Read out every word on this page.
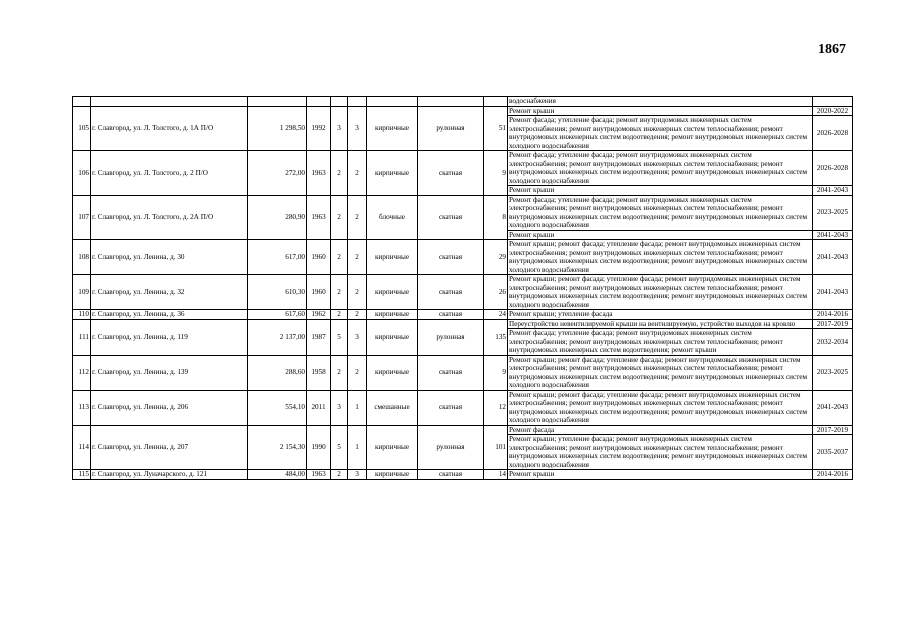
1867
									водоснабжения	
105	г. Славгород, ул. Л. Толстого, д. 1А П/О	1 298,50	1992	3	3	кирпичные	рулонная	51	Ремонт крыши	2020-2022
									Ремонт фасада; утепление фасада; ремонт внутридомовых инженерных систем электроснабжения; ремонт внутридомовых инженерных систем теплоснабжения; ремонт внутридомовых инженерных систем водоотведения; ремонт внутридомовых инженерных систем холодного водоснабжения	2026-2028
106	г. Славгород, ул. Л. Толстого, д. 2 П/О	272,00	1963	2	2	кирпичные	скатная	9	Ремонт фасада; утепление фасада; ремонт внутридомовых инженерных систем электроснабжения; ремонт внутридомовых инженерных систем теплоснабжения; ремонт внутридомовых инженерных систем водоотведения; ремонт внутридомовых инженерных систем холодного водоснабжения	2026-2028
									Ремонт крыши	2041-2043
107	г. Славгород, ул. Л. Толстого, д. 2А П/О	280,90	1963	2	2	блочные	скатная	8	Ремонт фасада; утепление фасада; ремонт внутридомовых инженерных систем электроснабжения; ремонт внутридомовых инженерных систем теплоснабжения; ремонт внутридомовых инженерных систем водоотведения; ремонт внутридомовых инженерных систем холодного водоснабжения	2023-2025
									Ремонт крыши	2041-2043
108	г. Славгород, ул. Ленина, д. 30	617,00	1960	2	2	кирпичные	скатная	29	Ремонт крыши; ремонт фасада; утепление фасада; ремонт внутридомовых инженерных систем электроснабжения; ремонт внутридомовых инженерных систем теплоснабжения; ремонт внутридомовых инженерных систем водоотведения; ремонт внутридомовых инженерных систем холодного водоснабжения	2041-2043
109	г. Славгород, ул. Ленина, д. 32	610,30	1960	2	2	кирпичные	скатная	26	Ремонт крыши; ремонт фасада; утепление фасада; ремонт внутридомовых инженерных систем электроснабжения; ремонт внутридомовых инженерных систем теплоснабжения; ремонт внутридомовых инженерных систем водоотведения; ремонт внутридомовых инженерных систем холодного водоснабжения	2041-2043
110	г. Славгород, ул. Ленина, д. 36	617,60	1962	2	2	кирпичные	скатная	24	Ремонт крыши; утепление фасада	2014-2016
111	г. Славгород, ул. Ленина, д. 119	2 137,00	1987	5	3	кирпичные	рулонная	135	Переустройство невентилируемой крыши на вентилируемую, устройство выходов на кровлю	2017-2019
									Ремонт фасада; утепление фасада; ремонт внутридомовых инженерных систем электроснабжения; ремонт внутридомовых инженерных систем теплоснабжения; ремонт внутридомовых инженерных систем водоотведения; ремонт крыши	2032-2034
112	г. Славгород, ул. Ленина, д. 139	288,60	1958	2	2	кирпичные	скатная	9	Ремонт крыши; ремонт фасада; утепление фасада; ремонт внутридомовых инженерных систем электроснабжения; ремонт внутридомовых инженерных систем теплоснабжения; ремонт внутридомовых инженерных систем водоотведения; ремонт внутридомовых инженерных систем холодного водоснабжения	2023-2025
113	г. Славгород, ул. Ленина, д. 206	554,10	2011	3	1	смешанные	скатная	12	Ремонт крыши; ремонт фасада; утепление фасада; ремонт внутридомовых инженерных систем электроснабжения; ремонт внутридомовых инженерных систем теплоснабжения; ремонт внутридомовых инженерных систем водоотведения; ремонт внутридомовых инженерных систем холодного водоснабжения	2041-2043
114	г. Славгород, ул. Ленина, д. 207	2 154,30	1990	5	1	кирпичные	рулонная	101	Ремонт фасада	2017-2019
									Ремонт крыши; утепление фасада; ремонт внутридомовых инженерных систем электроснабжения; ремонт внутридомовых инженерных систем теплоснабжения; ремонт внутридомовых инженерных систем водоотведения; ремонт внутридомовых инженерных систем холодного водоснабжения	2035-2037
115	г. Славгород, ул. Луначарского, д. 121	484,00	1963	2	3	кирпичные	скатная	14	Ремонт крыши	2014-2016
